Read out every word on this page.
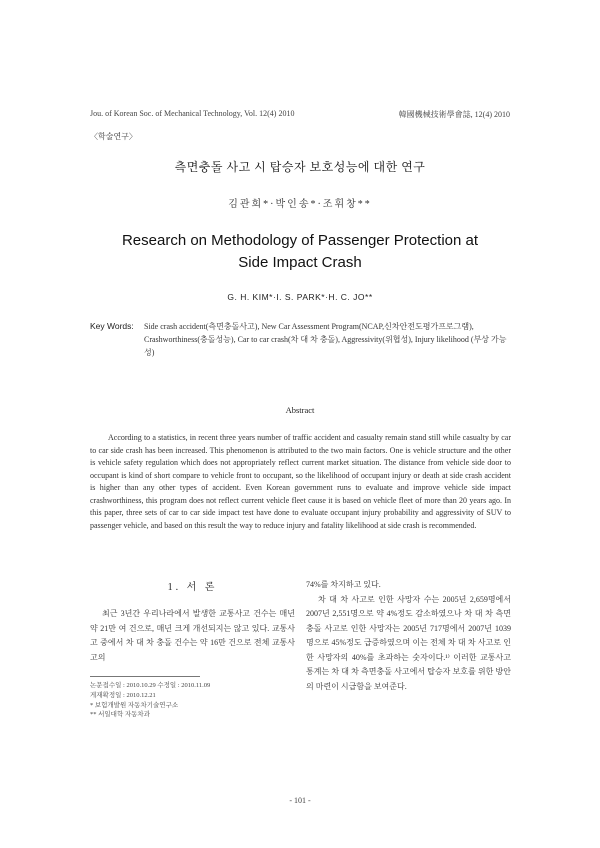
Jou. of Korean Soc. of Mechanical Technology, Vol. 12(4) 2010	韓國機械技術學會誌, 12(4) 2010
〈학술연구〉
측면충돌 사고 시 탑승자 보호성능에 대한 연구
김관희*·박인송*·조휘창**
Research on Methodology of Passenger Protection at
Side Impact Crash
G. H. KIM*·I. S. PARK*·H. C. JO**
Key Words: Side crash accident(측면충돌사고), New Car Assessment Program(NCAP,신차안전도평가프로그램), Crashworthiness(충돌성능), Car to car crash(차 대 차 충돌), Aggressivity(위협성), Injury likelihood (부상 가능성)
Abstract

According to a statistics, in recent three years number of traffic accident and casualty remain stand still while casualty by car to car side crash has been increased. This phenomenon is attributed to the two main factors. One is vehicle structure and the other is vehicle safety regulation which does not appropriately reflect current market situation. The distance from vehicle side door to occupant is kind of short compare to vehicle front to occupant, so the likelihood of occupant injury or death at side crash accident is higher than any other types of accident. Even Korean government runs to evaluate and improve vehicle side impact crashworthiness, this program does not reflect current vehicle fleet cause it is based on vehicle fleet of more than 20 years ago. In this paper, three sets of car to car side impact test have done to evaluate occupant injury probability and aggressivity of SUV to passenger vehicle, and based on this result the way to reduce injury and fatality likelihood at side crash is recommended.

1. 서 론

최근 3년간 우리나라에서 발생한 교통사고 건수는 매년 약 21만 여 건으로, 매년 크게 개선되지는 않고 있다. 교통사고 중에서 차 대 차 충돌 건수는 약 16만 건으로 전체 교통사고의

논문접수일 : 2010.10.29 수정일 : 2010.11.09
게재확정일 : 2010.12.21
* 보험개발원 자동차기술연구소
** 서일대학 자동차과

74%를 차지하고 있다.

차 대 차 사고로 인한 사망자 수는 2005년 2,659명에서 2007년 2,551명으로 약 4%정도 감소하였으나 차 대 차 측면충돌 사고로 인한 사망자는 2005년 717명에서 2007년 1039명으로 45%정도 급증하였으며 이는 전체 차 대 차 사고로 인한 사망자의 40%를 초과하는 숫자이다.¹⁾ 이러한 교통사고 통계는 차 대 차 측면충돌 사고에서 탑승자 보호를 위한 방안의 마련이 시급함을 보여준다.

- 101 -
